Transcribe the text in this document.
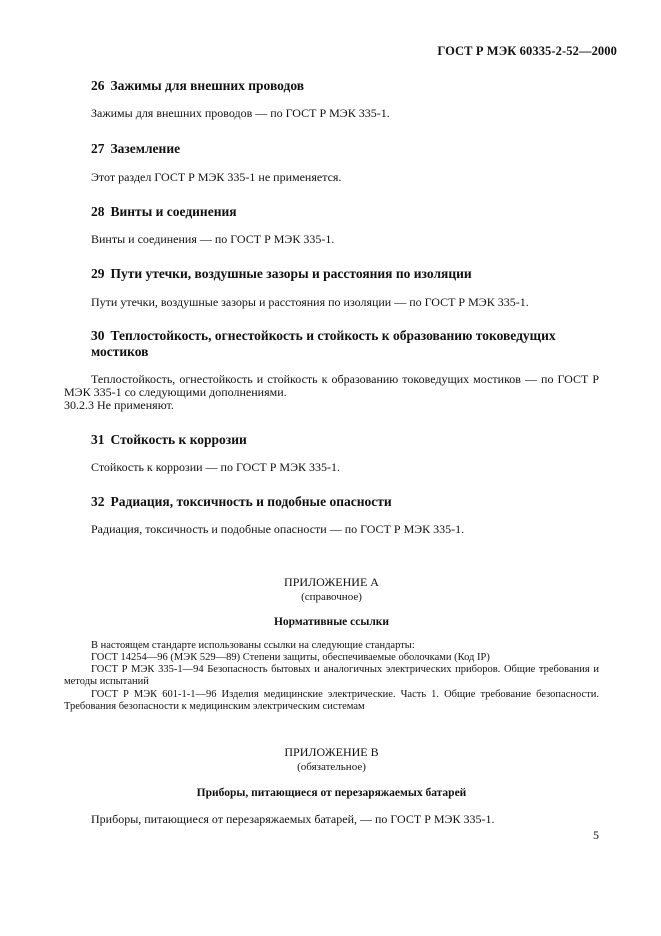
ГОСТ Р МЭК 60335-2-52—2000
26 Зажимы для внешних проводов
Зажимы для внешних проводов — по ГОСТ Р МЭК 335-1.
27 Заземление
Этот раздел ГОСТ Р МЭК 335-1 не применяется.
28 Винты и соединения
Винты и соединения — по ГОСТ Р МЭК 335-1.
29 Пути утечки, воздушные зазоры и расстояния по изоляции
Пути утечки, воздушные зазоры и расстояния по изоляции — по ГОСТ Р МЭК 335-1.
30 Теплостойкость, огнестойкость и стойкость к образованию токоведущих
мостиков
Теплостойкость, огнестойкость и стойкость к образованию токоведущих мостиков — по ГОСТ Р МЭК 335-1 со следующими дополнениями.
30.2.3 Не применяют.
31 Стойкость к коррозии
Стойкость к коррозии — по ГОСТ Р МЭК 335-1.
32 Радиация, токсичность и подобные опасности
Радиация, токсичность и подобные опасности — по ГОСТ Р МЭК 335-1.
ПРИЛОЖЕНИЕ А
(справочное)
Нормативные ссылки
В настоящем стандарте использованы ссылки на следующие стандарты:
ГОСТ 14254—96 (МЭК 529—89) Степени защиты, обеспечиваемые оболочками (Код IP)
ГОСТ Р МЭК 335-1—94 Безопасность бытовых и аналогичных электрических приборов. Общие требования и методы испытаний
ГОСТ Р МЭК 601-1-1—96 Изделия медицинские электрические. Часть 1. Общие требование безопасности. Требования безопасности к медицинским электрическим системам
ПРИЛОЖЕНИЕ В
(обязательное)
Приборы, питающиеся от перезаряжаемых батарей
Приборы, питающиеся от перезаряжаемых батарей, — по ГОСТ Р МЭК 335-1.
5
